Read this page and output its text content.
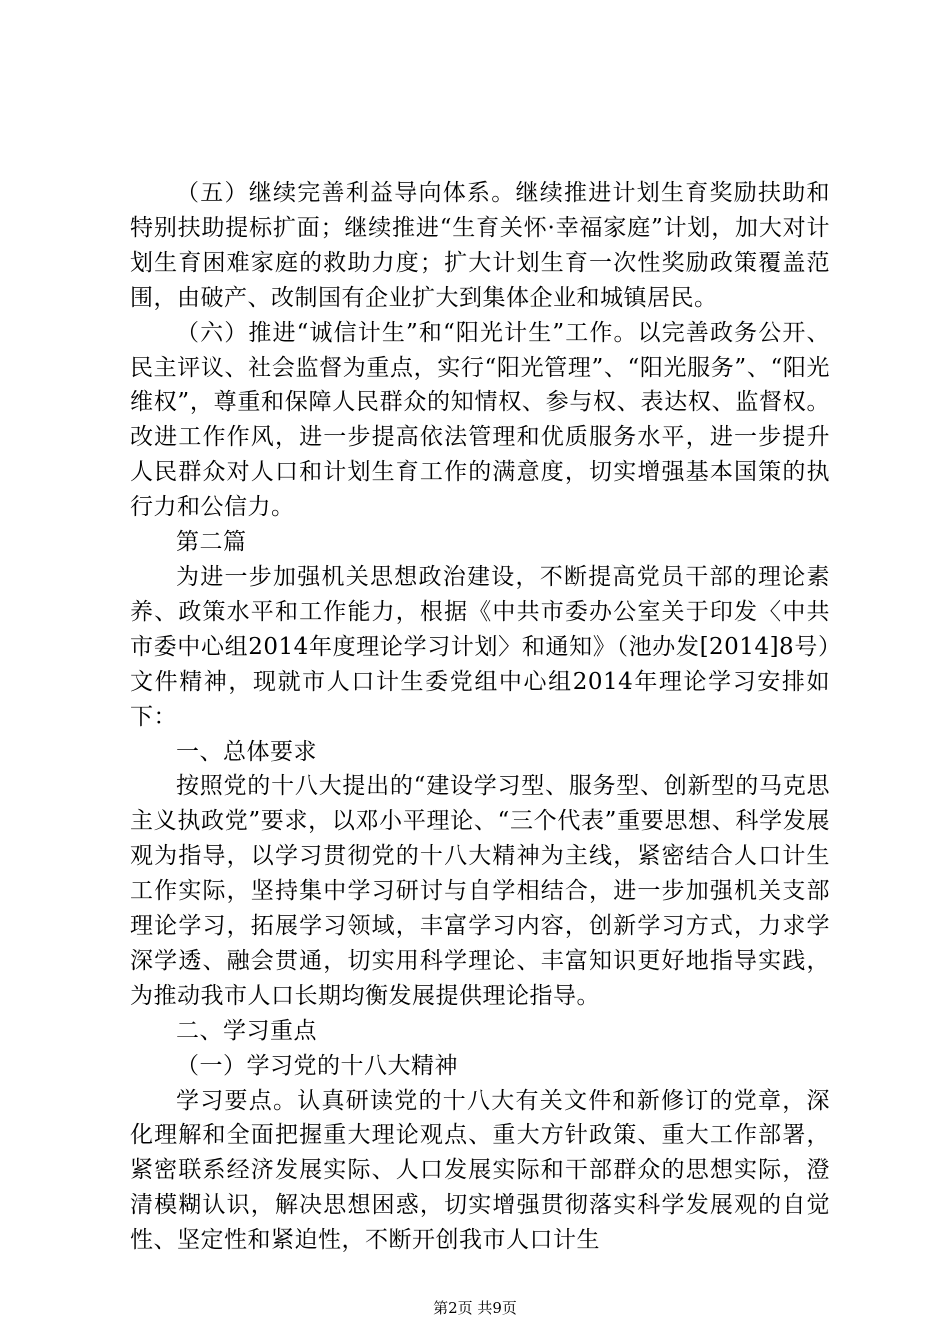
（五）继续完善利益导向体系。继续推进计划生育奖励扶助和特别扶助提标扩面；继续推进“生育关怀·幸福家庭”计划，加大对计划生育困难家庭的救助力度；扩大计划生育一次性奖励政策覆盖范围，由破产、改制国有企业扩大到集体企业和城镇居民。

（六）推进“诚信计生”和“阳光计生”工作。以完善政务公开、民主评议、社会监督为重点，实行“阳光管理”、“阳光服务”、“阳光维权”，尊重和保障人民群众的知情权、参与权、表达权、监督权。改进工作作风，进一步提高依法管理和优质服务水平，进一步提升人民群众对人口和计划生育工作的满意度，切实增强基本国策的执行力和公信力。

第二篇

为进一步加强机关思想政治建设，不断提高党员干部的理论素养、政策水平和工作能力，根据《中共市委办公室关于印发〈中共市委中心组2014年度理论学习计划〉和通知》（池办发[2014]8号）文件精神，现就市人口计生委党组中心组2014年理论学习安排如下：

一、总体要求

按照党的十八大提出的“建设学习型、服务型、创新型的马克思主义执政党”要求，以邓小平理论、“三个代表”重要思想、科学发展观为指导，以学习贯彻党的十八大精神为主线，紧密结合人口计生工作实际，坚持集中学习研讨与自学相结合，进一步加强机关支部理论学习，拓展学习领域，丰富学习内容，创新学习方式，力求学深学透、融会贯通，切实用科学理论、丰富知识更好地指导实践，为推动我市人口长期均衡发展提供理论指导。

二、学习重点

（一）学习党的十八大精神

学习要点。认真研读党的十八大有关文件和新修订的党章，深化理解和全面把握重大理论观点、重大方针政策、重大工作部署，紧密联系经济发展实际、人口发展实际和干部群众的思想实际，澄清模糊认识，解决思想困惑，切实增强贯彻落实科学发展观的自觉性、坚定性和紧迫性，不断开创我市人口计生

第2页 共9页
